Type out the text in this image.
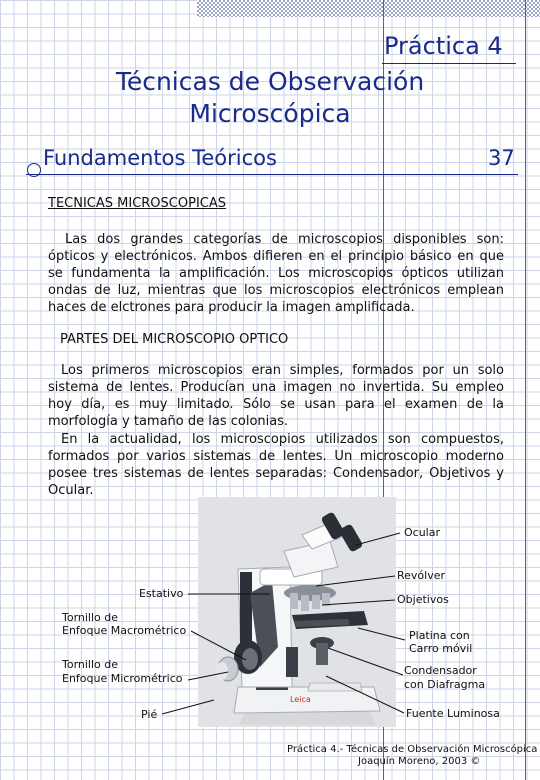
Práctica 4
Técnicas de Observación
Microscópica
Fundamentos Teóricos	37
TECNICAS MICROSCOPICAS
Las dos grandes categorías de microscopios disponibles son: ópticos y electrónicos. Ambos difieren en el principio básico en que se fundamenta la amplificación. Los microscopios ópticos utilizan ondas de luz, mientras que los microscopios electrónicos emplean haces de elctrones para producir la imagen amplificada.
PARTES DEL MICROSCOPIO OPTICO
Los primeros microscopios eran simples, formados por un solo sistema de lentes. Producían una imagen no invertida. Su empleo hoy día, es muy limitado. Sólo se usan para el examen de la morfología y tamaño de las colonias.
En la actualidad, los microscopios utilizados son compuestos, formados por varios sistemas de lentes. Un microscopio moderno posee tres sistemas de lentes separadas: Condensador, Objetivos y Ocular.
Leica
Ocular
Revólver
Objetivos
Estativo
Tornillo de
Enfoque Macrométrico	Platina con
Carro móvil
Tornillo de
Enfoque Micrométrico
Condensador
con Diafragma
Pié	Fuente Luminosa
Práctica 4.- Técnicas de Observación Microscópica
Joaquín Moreno, 2003 ©
